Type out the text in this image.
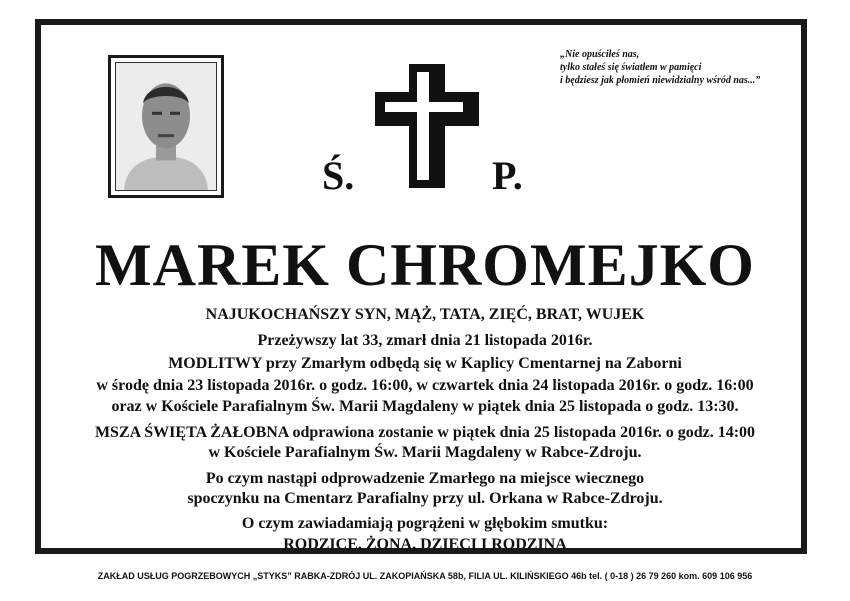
„Nie opuściłeś nas,
tylko stałeś się światłem w pamięci
i będziesz jak płomień niewidzialny wśród nas...”
Ś.	P.
MAREK CHROMEJKO
NAJUKOCHAŃSZY SYN, MĄŻ, TATA, ZIĘĆ, BRAT, WUJEK
Przeżywszy lat 33, zmarł dnia 21 listopada 2016r.
MODLITWY przy Zmarłym odbędą się w Kaplicy Cmentarnej na Zaborni
w środę dnia 23 listopada 2016r. o godz. 16:00, w czwartek dnia 24 listopada 2016r. o godz. 16:00
oraz w Kościele Parafialnym Św. Marii Magdaleny w piątek dnia 25 listopada o godz. 13:30.
MSZA ŚWIĘTA ŻAŁOBNA odprawiona zostanie w piątek dnia 25 listopada 2016r. o godz. 14:00
w Kościele Parafialnym Św. Marii Magdaleny w Rabce-Zdroju.
Po czym nastąpi odprowadzenie Zmarłego na miejsce wiecznego
spoczynku na Cmentarz Parafialny przy ul. Orkana w Rabce-Zdroju.
O czym zawiadamiają pogrążeni w głębokim smutku:
RODZICE, ŻONA, DZIECI I RODZINA
ZAKŁAD USŁUG POGRZEBOWYCH „STYKS” RABKA-ZDRÓJ UL. ZAKOPIAŃSKA 58b, FILIA UL. KILIŃSKIEGO 46b tel. ( 0-18 ) 26 79 260 kom. 609 106 956
